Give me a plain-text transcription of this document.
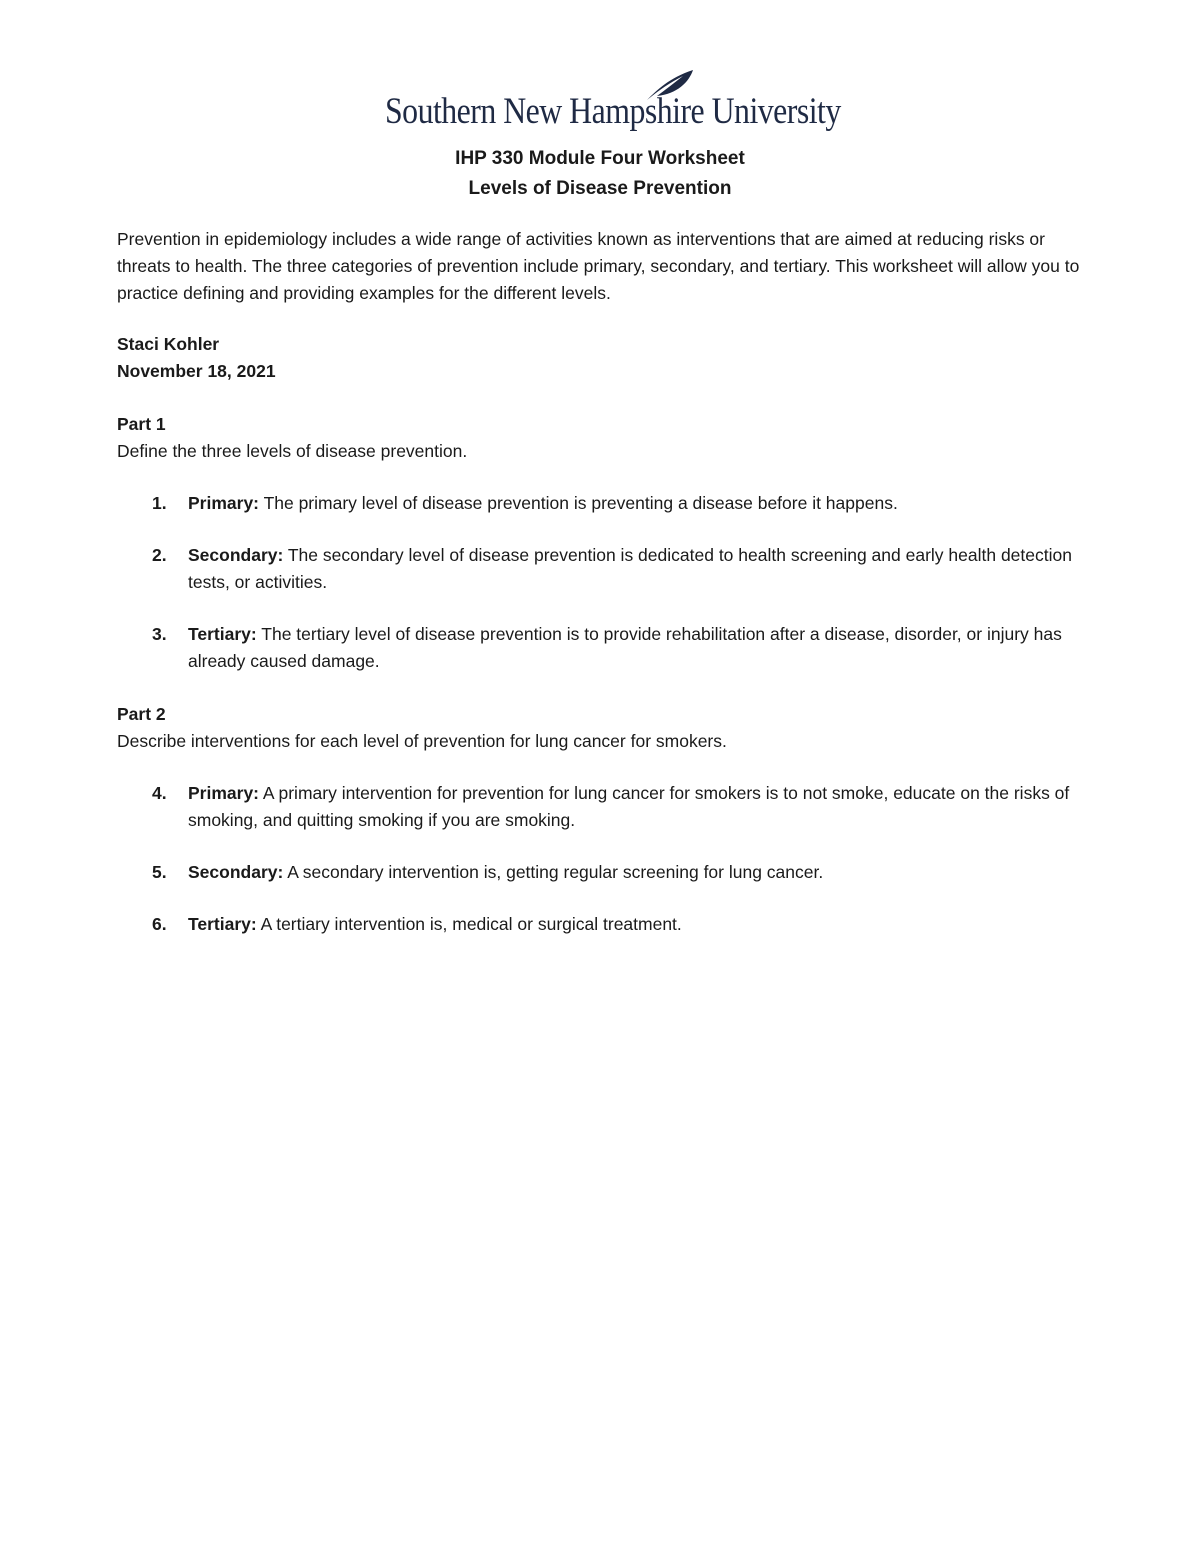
Southern New Hampshire University
IHP 330 Module Four Worksheet
Levels of Disease Prevention
Prevention in epidemiology includes a wide range of activities known as interventions that are aimed at reducing risks or threats to health. The three categories of prevention include primary, secondary, and tertiary. This worksheet will allow you to practice defining and providing examples for the different levels.
Staci Kohler
November 18, 2021
Part 1
Define the three levels of disease prevention.
1. Primary: The primary level of disease prevention is preventing a disease before it happens.
2. Secondary: The secondary level of disease prevention is dedicated to health screening and early health detection tests, or activities.
3. Tertiary: The tertiary level of disease prevention is to provide rehabilitation after a disease, disorder, or injury has already caused damage.
Part 2
Describe interventions for each level of prevention for lung cancer for smokers.
4. Primary: A primary intervention for prevention for lung cancer for smokers is to not smoke, educate on the risks of smoking, and quitting smoking if you are smoking.
5. Secondary: A secondary intervention is, getting regular screening for lung cancer.
6. Tertiary: A tertiary intervention is, medical or surgical treatment.
